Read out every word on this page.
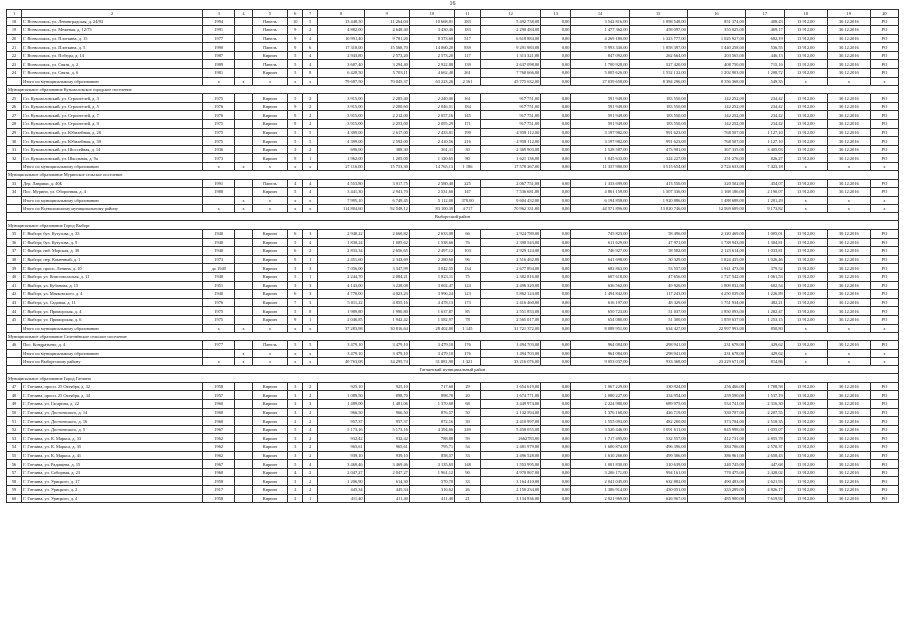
16
1	2	3	4	5	6	7	8	9	10	11	12	13	14	15	16	17	18	19	20
18	Г. Всеволожск, ул. Ленинградская, д. 24/84	1994		Панель	10	5	13 448,50	11 264,04	10 668,81	283	5 492 738,00	0,00	3 542 816,00	1 098 548,00	851 374,00	408,43	13 912,00	30.12.2016	РО
19	Г. Всеволожск, ул. Межевая, д. 12/75	1991		Панель	9	2	4 882,00	4 648,40	3 430,46	183	2 290 484,00	0,00	1 477 362,00	458 097,00	355 025,00	469,17	13 912,00	30.12.2016	РО
20	Г. Всеволожск, ул. Плоткина, д. 15	1977		Панель	9	4	10 991,40	9 781,20	8 373,60	517	6 618 884,00	0,00	4 269 180,00	1 323 777,00	1 025 927,00	602,19	13 912,00	30.12.2016	РО
21	Г. Всеволожск, ул. Плоткина, д. 5	1990		Панель	9	6	17 318,00	15 568,70	14 060,20	839	9 291 983,00	0,00	5 993 330,00	1 858 397,00	1 440 258,00	536,55	13 912,00	30.12.2016	РО
22	Г. Всеволожск, ул. Победы, д. 14	1987		Кирпич	5	4	2 943,80	2 573,20	2 573,20	117	1 313 321,00	0,00	847 092,00	262 664,00	203 565,00	446,13	13 912,00	30.12.2016	РО
23	Г. Всеволожск, ул. Связи, д. 2	1989		Панель	5	4	3 687,40	3 294,40	2 922,80	139	2 637 098,00	0,00	1 700 928,00	527 420,00	408 750,00	715,16	13 912,00	30.12.2016	РО
24	Г. Всеволожск, ул. Связи, д. 6	1981		Кирпич	5	8	6 420,50	5 703,11	4 662,40	261	7 760 666,00	0,00	5 005 626,00	1 552 132,00	1 202 903,00	1 208,72	13 912,00	30.12.2016	РО
	Итого по муниципальному образованию	x	x	x	x	x	79 687,50	70 045,37	63 223,26	2 161	45 775 632,00	0,00	27 039 658,00	8 384 296,00	8 356 368,00	549,35	x	x	x
Муниципальное образование Кузьмоловское городское поселение																			
25	Г.п. Кузьмоловский, ул. Строителей, д. 3	1975		Кирпич	5	2	3 915,00	2 285,40	2 240,00	161	917 751,00	0,00	591 949,00	183 550,00	142 252,00	234,42	13 912,00	30.12.2016	РО
26	Г.п. Кузьмоловский, ул. Строителей, д. 5	1976		Кирпич	9	2	3 915,00	2 200,60	2 046,51	184	917 751,00	0,00	591 949,00	183 550,00	142 252,00	234,42	13 912,00	30.12.2016	РО
27	Г.п. Кузьмоловский, ул. Строителей, д. 7	1976		Кирпич	9	2	3 915,00	2 212,00	2 057,16	145	917 751,00	0,00	591 949,00	183 550,00	142 252,00	234,42	13 912,00	30.12.2016	РО
28	Г.п. Кузьмоловский, ул. Строителей, д. 9	1975		Кирпич	9	2	3 915,00	2 253,00	2 095,29	171	917 751,00	0,00	591 949,00	183 550,00	142 252,00	234,42	13 912,00	30.12.2016	РО
29	Г.п. Кузьмоловский, ул. Юбилейная, д. 28	1975		Кирпич	5	5	4 399,00	2 617,00	2 433,81	199	4 958 112,00	0,00	3 197 982,00	991 623,00	768 507,00	1 127,10	13 912,00	30.12.2016	РО
30	Г.п. Кузьмоловский, ул. Юбилейная, д. 30	1975		Кирпич	5	5	4 399,00	2 592,00	2 410,56	216	4 958 112,00	0,00	3 197 982,00	991 623,00	768 507,00	1 127,10	13 912,00	30.12.2016	РО
31	Г.п. Кузьмоловский, ул. Шоссейная, д. 14	1936		Кирпич	2	2	696,00	388,30	361,11	30	2 369 903,00	0,00	1 528 587,00	473 981,00	367 335,00	3 405,03	13 912,00	30.12.2016	РО
32	Г.п. Кузьмоловский, ул. Школьная, д. 9а	1973		Кирпич	9	1	1 962,00	1 205,00	1 120,65	80	1 621 136,00	0,00	1 045 633,00	324 227,00	251 276,00	826,27	13 912,00	30.12.2016	РО
	Итого по муниципальному образованию	x	x	x	x	x	27 116,00	15 753,30	14 765,13	1 186	17 578 267,00	0,00	11 337 980,00	3 515 654,00	2 724 633,00	7 423,18	x	x	x
Муниципальное образование Муринское сельское поселение																			
33	Дер. Лаврики, д. 40Б	1991		Панель	4	4	4 553,80	3 917,75	2 580,40	225	2 067 751,00	0,00	1 333 699,00	413 550,00	320 502,00	454,07	13 912,00	30.12.2016	РО
34	Пос. Мурино, ул. Оборонная, д. 4	1988		Кирпич	5	4	3 441,30	2 941,70	2 531,60	147	7 536 681,00	0,00	4 861 159,00	1 507 336,00	1 168 186,00	2 190,07	13 912,00	30.12.2016	РО
	Итого по муниципальному образованию		x	x	x	x	7 995,10	6 749,45	5 112,00	370,00	9 604 432,00	0,00	6 194 858,00	1 920 886,00	1 488 688,00	1 201,29	x	x	x
	Итого по Всеволожскому муниципальному району	x	x	x	x	x	114 804,60	92 548,12	83 100,39	4 717	70 962 331,00	0,00	44 571 896,00	13 820 746,00	12 569 689,00	9 173,82	x	x	x
Выборгский район																			
Муниципальное образование Город Выборг																			
35	Г. Выборг, бул. Кутузова, д. 33	1940		Кирпич	6	3	2 940,22	2 660,82	2 633,08	66	2 924 789,00	0,00	745 823,00	58 496,00	2 120 469,00	1 005,01	13 912,00	30.12.2016	РО
36	Г. Выборг, бул. Кутузова, д. 9	1940		Кирпич	5	4	1 838,24	1 685,62	1 538,66	76	2 398 543,00	0,00	611 629,00	47 971,00	1 738 943,00	1 304,81	13 912,00	30.12.2016	РО
37	Г. Выборг, наб. Морская, д. 30	1940		Кирпич	6	2	2 833,34	2 656,65	2 497,12	103	2 929 124,00	0,00	746 927,00	58 582,00	2 123 614,00	1 033,81	13 912,00	30.12.2016	РО
38	Г. Выборг, пер. Каменный, д. 1	1973		Кирпич	9	1	2 451,60	2 343,69	2 280,60	96	2 516 462,00	0,00	641 698,00	50 329,00	1 824 435,00	1 026,46	13 912,00	30.12.2016	РО
39	Г. Выборг, просп. Ленина, д. 10	до 1940		Кирпич	3	3	7 056,00	3 347,99	3 042,55	134	2 677 894,00	0,00	682 863,00	53 557,00	1 941 473,00	379,52	13 912,00	30.12.2016	РО
40	Г. Выборг, ул. Комсомольская, д. 11	1940		Кирпич	5	1	2 244,70	2 084,21	1 823,11	75	2 382 816,00	0,00	607 618,00	47 656,00	1 727 542,00	1 061,53	13 912,00	30.12.2016	РО
41	Г. Выборг, ул. Кубанова, д. 15	1951		Кирпич	3	3	4 143,00	3 228,08	3 002,47	124	2 496 320,00	0,00	636 562,00	49 926,00	1 809 832,00	602,54	13 912,00	30.12.2016	РО
42	Г. Выборг, ул. Маяковского, д. 4	1940		Кирпич	6	3	4 778,00	4 023,23	3 996,24	123	5 862 124,00	0,00	1 494 842,00	117 243,00	4 250 039,00	1 226,89	13 912,00	30.12.2016	РО
43	Г. Выборг, ул. Садовая, д. 11	1976		Кирпич	7	3	5 011,22	4 855,16	4 478,13	173	2 416 460,00	0,00	616 197,00	48 329,00	1 751 934,00	482,21	13 912,00	30.12.2016	РО
44	Г. Выборг, ул. Приморская, д. 4	1975		Кирпич	5	8	1 989,80	1 990,80	1 637,87	85	2 551 853,00	0,00	650 723,00	51 037,00	1 850 093,00	1 282,47	13 912,00	30.12.2016	РО
45	Г. Выборг, ул. Приморская, д. 6	1975		Кирпич	9	1	2 046,85	1 942,42	1 582,97	78	2 565 017,00	0,00	654 080,00	51 300,00	1 859 637,00	1 253,15	13 912,00	30.12.2016	РО
	Итого по муниципальному образованию	x	x	x	x	x	37 283,98	30 816,64	28 402,80	1 145	31 721 372,00	0,00	8 088 951,00	634 427,00	22 997 993,00	850,80	x	x	x
Муниципальное образование Селезнёвское сельское поселение																			
46	Пос. Кондратьево, д. 4	1977		Панель	5	5	3 479,10	3 479,10	3 479,10	176	1 494 703,00	0,00	964 084,00	298 941,00	231 678,00	429,62	13 912,00	30.12.2016	РО
	Итого по муниципальному образованию		x	x	x	x	3 479,10	3 479,10	3 479,10	176	1 494 703,00	0,00	964 084,00	298 941,00	231 678,00	429,62	x	x	x
	Итого по Выборгскому району	x	x	x	x	x	40 763,08	34 295,74	31 881,90	1 321	33 216 076,00	0,00	9 053 037,00	933 368,00	23 229 671,00	814,86	x	x	x
Гатчинский муниципальный район																			
Муниципальное образование Город Гатчина																			
47	Г. Гатчина, просп. 25 Октября, д. 32	1958		Кирпич	3	2	925,10	925,10	717,60	29	1 654 619,00	0,00	1 067 229,00	330 924,00	256 466,00	1 788,58	13 912,00	30.12.2016	РО
48	Г. Гатчина, просп. 25 Октября, д. 34	1957		Кирпич	3	2	1 089,50	898,70	898,70	20	1 674 771,00	0,00	1 080 227,00	334 954,00	259 590,00	1 537,19	13 912,00	30.12.2016	РО
49	Г. Гатчина, ул. Гагарина, д. 22	1960		Кирпич	3	3	1 489,00	1 481,06	1 370,68	68	3 449 974,00	0,00	2 224 980,00	689 975,00	534 741,00	2 316,30	13 912,00	30.12.2016	РО
50	Г. Гатчина, ул. Достоевского, д. 14	1960		Кирпич	3	2	966,50	966,50	876,57	50	2 132 594,00	0,00	1 376 168,00	426 719,00	330 707,00	2 207,55	13 912,00	30.12.2016	РО
51	Г. Гатчина, ул. Достоевского, д. 16	1960		Кирпич	2	2	957,37	957,37	872,16	39	2 410 997,00	0,00	1 555 093,00	482 200,00	373 704,00	2 518,35	13 912,00	30.12.2016	РО
52	Г. Гатчина, ул. Достоевского, д. 5	1967		Кирпич	5	4	5 173,16	5 173,16	4 394,66	249	5 458 055,00	0,00	3 520 446,00	1 091 611,00	845 998,00	1 055,07	13 912,00	30.12.2016	РО
53	Г. Гатчина, ул. К. Маркса, д. 33	1962		Кирпич	3	2	932,42	932,42	788,88	59	2662783,00	0,00	1 717 495,00	532 557,00	412 731,00	2 855,78	13 912,00	30.12.2016	РО
54	Г. Гатчина, ул. К. Маркса, д. 35	1962		Кирпич	3	2	965,61	965,61	795,71	54	2 481 979,00	0,00	1 600 874,00	496 396,00	384 706,00	2 570,37	13 912,00	30.12.2016	РО
55	Г. Гатчина, ул. К. Маркса, д. 41	1962		Кирпич	3	2	939,10	939,10	858,57	33	2 496 528,00	0,00	1 610 260,00	499 306,00	386 961,00	2 658,43	13 912,00	30.12.2016	РО
56	Г. Гатчина, ул. Радищева, д. 15	1967		Кирпич	5	4	3 469,46	3 469,46	3 135,65	148	1 553 995,00	0,00	1 001 830,00	310 639,00	240 745,00	447,68	13 912,00	30.12.2016	РО
57	Г. Гатчина, ул. Соборная, д. 23	1960		Кирпич	4	2	2 047,27	2 047,27	1 961,12	90	4 970 867,00	0,00	3 206 171,00	994 161,00	770 475,00	2 428,02	13 912,00	30.12.2016	РО
58	Г. Гатчина, ул. Урицкого, д. 17	1958		Кирпич	3	2	1 206,90	614,30	570,70	33	3 164 410,00	0,00	2 041 045,00	632 882,00	490 483,00	2 621,93	13 912,00	30.12.2016	РО
59	Г. Гатчина, ул. Урицкого, д. 2	1917		Кирпич	2	2	445,34	445,34	316,62	26	2 150 234,00	0,00	1 386 914,00	430 051,00	333 289,00	4 826,17	13 912,00	30.12.2016	РО
60	Г. Гатчина, ул. Урицкого, д. 4	1958		Кирпич	2	1	411,40	411,40	411,40	21	3 134 836,00	0,00	2 021 969,00	626 967,00	485 900,00	7 619,92	13 912,00	30.12.2016	РО
